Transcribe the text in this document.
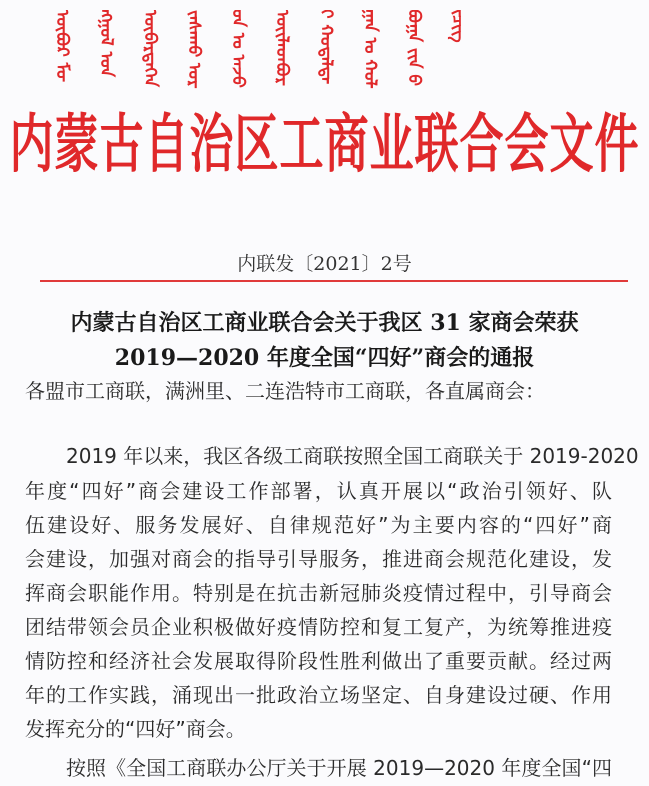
ᠦᠪᠦᠷ ᠮᠣᠩᠭᠣᠯ ᠤᠨ ᠥᠪᠡᠷᠲᠡᠭᠡᠨ ᠵᠠᠰᠠᠬᠤ ᠣᠷᠣᠨ ᠤ ᠠᠵᠤ ᠦᠢᠯᠡᠳᠪᠦᠷᠢ ᠬᠤᠳᠠᠯᠳᠠᠭᠠᠨ ᠤ ᠬᠣᠯᠪᠣᠭᠠ ᠵᠢᠨ ᠪᠢᠴᠢᠭ
内蒙古自治区工商业联合会文件
内联发〔2021〕2号
内蒙古自治区工商业联合会关于我区 31 家商会荣获
2019—2020 年度全国“四好”商会的通报
各盟市工商联，满洲里、二连浩特市工商联，各直属商会：
2019 年以来，我区各级工商联按照全国工商联关于 2019-2020
年度“四好”商会建设工作部署，认真开展以“政治引领好、队
伍建设好、服务发展好、自律规范好”为主要内容的“四好”商
会建设，加强对商会的指导引导服务，推进商会规范化建设，发
挥商会职能作用。特别是在抗击新冠肺炎疫情过程中，引导商会
团结带领会员企业积极做好疫情防控和复工复产，为统筹推进疫
情防控和经济社会发展取得阶段性胜利做出了重要贡献。经过两
年的工作实践，涌现出一批政治立场坚定、自身建设过硬、作用
发挥充分的“四好”商会。
按照《全国工商联办公厅关于开展 2019—2020 年度全国“四
